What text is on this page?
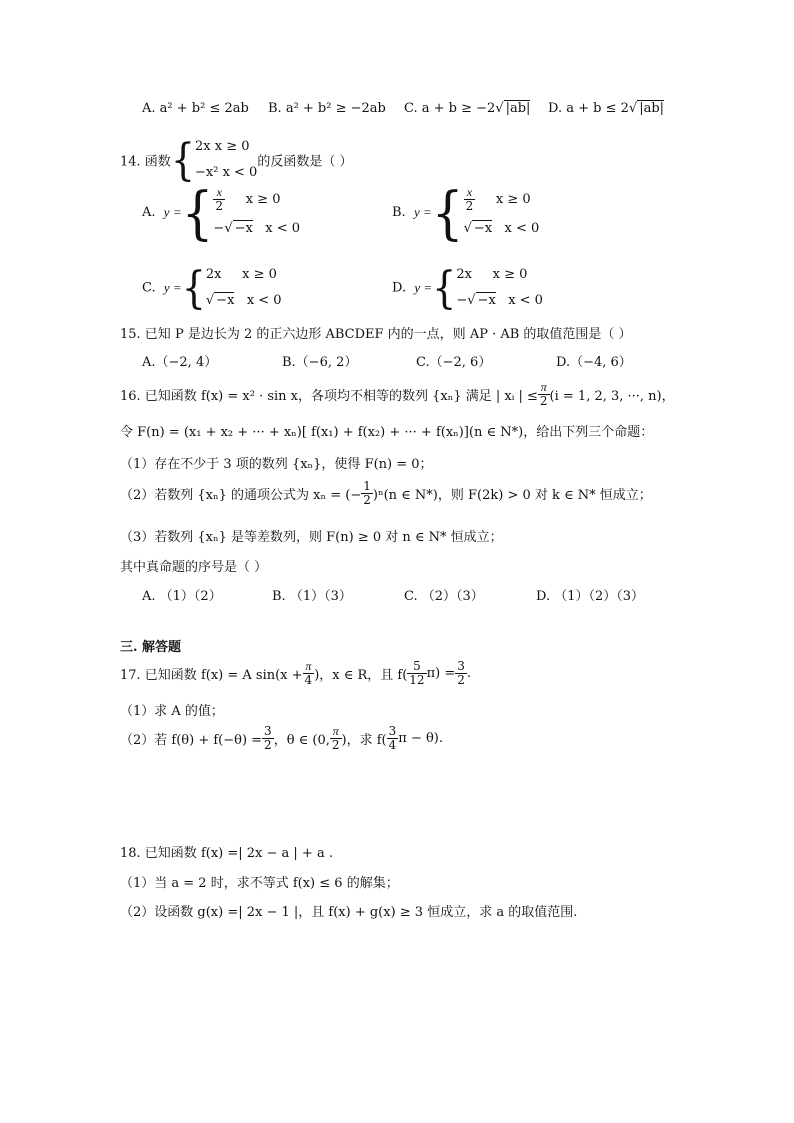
A. a² + b² ≤ 2ab B. a² + b² ≥ −2ab C. a + b ≥ −2√ |ab| D. a + b ≤ 2√ |ab|
14. 函数{ 2x x ≥ 0
−x² x < 0
的反函数是（ ）
A. y ={ $\frac{x}{2}$ x ≥ 0
−√ −x x < 0
B. y ={ $\frac{x}{2}$ x ≥ 0
√ −x x < 0
C. y ={ 2x x ≥ 0
√ −x x < 0
D. y ={ 2x x ≥ 0
−√ −x x < 0
15. 已知 P 是边长为 2 的正六边形 ABCDEF 内的一点，则 AP · AB 的取值范围是（ ）
A.（−2, 4）	B.（−6, 2）	C.（−2, 6）	D.（−4, 6）
16. 已知函数 f(x) = x² · sin x，各项均不相等的数列 {xₙ} 满足 | xᵢ | ≤ $\frac{\pi}{2} (i = 1$, 2, 3, ···, n)，
令 F(n) = (x₁ + x₂ + ··· + xₙ)[ f(x₁) + f(x₂) + ··· + f(xₙ)](n ∈ N*)，给出下列三个命题：
（1）存在不少于 3 项的数列 {xₙ}，使得 F(n) = 0；
（2）若数列 {xₙ} 的通项公式为 xₙ = (− $\frac{1}{2} )^n(n$ ∈ N*)，则 F(2k) > 0 对 k ∈ N* 恒成立；
（3）若数列 {xₙ} 是等差数列，则 F(n) ≥ 0 对 n ∈ N* 恒成立；
其中真命题的序号是（ ）
A. （1）（2）	B. （1）（3）	C. （2）（3）	D. （1）（2）（3）
三. 解答题
17. 已知函数 f(x) = A $\sin(x + \frac{\pi}{4}$ )，x ∈ R，且 $f( \frac{5}{12} \pi) = \frac{3}{2}$ .
（1）求 A 的值；
（2）若 $f(\theta) + f(-\theta) = \frac{3}{2}$ ，θ ∈ (0, $\frac{\pi}{2}$ )，求 $f( \frac{3}{4}$ π − θ).
18. 已知函数 f(x) =| 2x − a | + a .
（1）当 a = 2 时，求不等式 f(x) ≤ 6 的解集；
（2）设函数 g(x) =| 2x − 1 |，且 f(x) + g(x) ≥ 3 恒成立，求 a 的取值范围.
